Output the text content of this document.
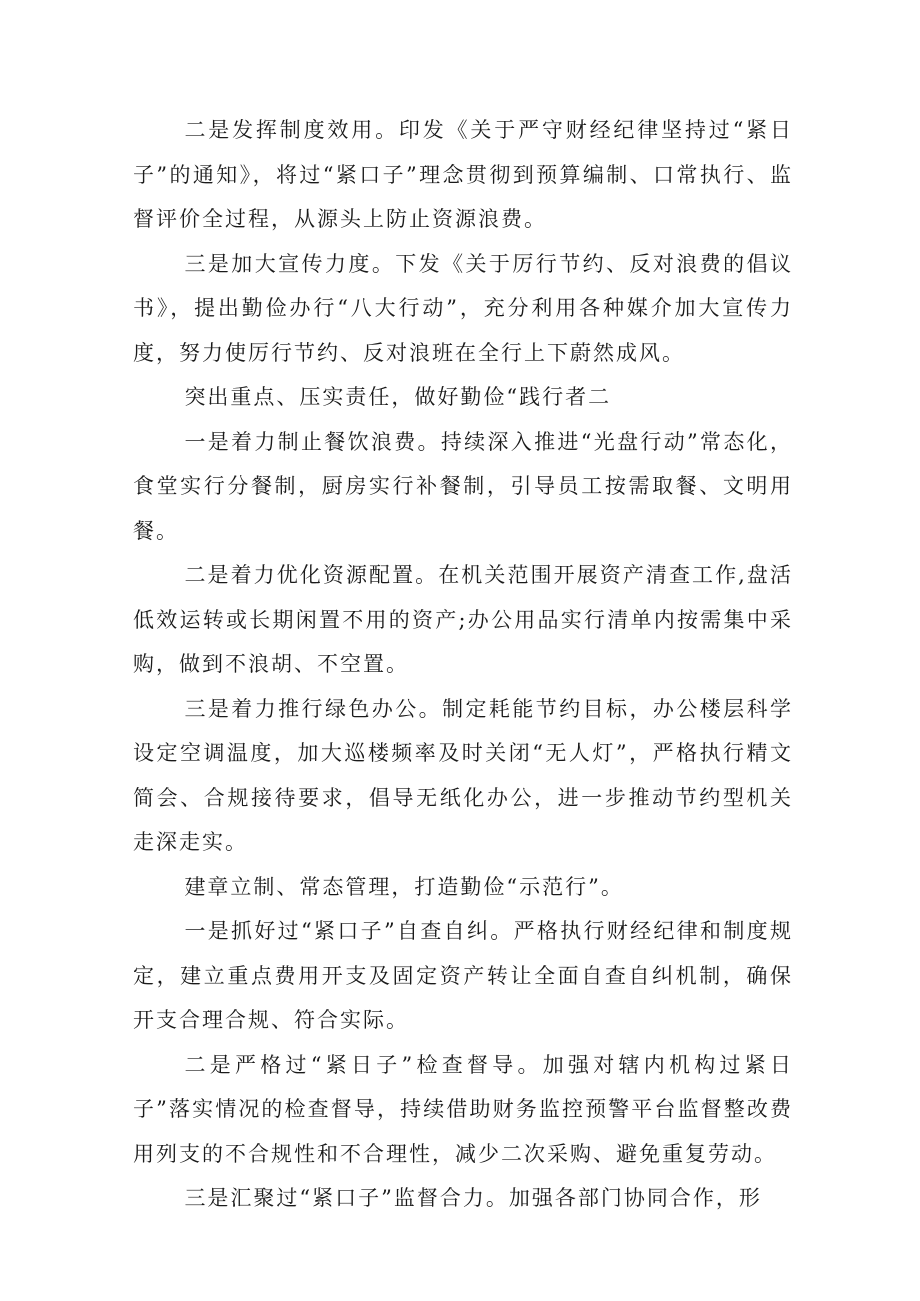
二是发挥制度效用。印发《关于严守财经纪律坚持过“紧日子”的通知》，将过“紧口子”理念贯彻到预算编制、口常执行、监督评价全过程，从源头上防止资源浪费。

三是加大宣传力度。下发《关于厉行节约、反对浪费的倡议书》，提出勤俭办行“八大行动”，充分利用各种媒介加大宣传力度，努力使厉行节约、反对浪班在全行上下蔚然成风。

突出重点、压实责任，做好勤俭“践行者二

一是着力制止餐饮浪费。持续深入推进“光盘行动”常态化，食堂实行分餐制，厨房实行补餐制，引导员工按需取餐、文明用餐。

二是着力优化资源配置。在机关范围开展资产清查工作,盘活低效运转或长期闲置不用的资产;办公用品实行清单内按需集中采购，做到不浪胡、不空置。

三是着力推行绿色办公。制定耗能节约目标，办公楼层科学设定空调温度，加大巡楼频率及时关闭“无人灯”，严格执行精文简会、合规接待要求，倡导无纸化办公，进一步推动节约型机关走深走实。

建章立制、常态管理，打造勤俭“示范行”。

一是抓好过“紧口子”自查自纠。严格执行财经纪律和制度规定，建立重点费用开支及固定资产转让全面自查自纠机制，确保开支合理合规、符合实际。

二是严格过“紧日子”检查督导。加强对辖内机构过紧日子”落实情况的检查督导，持续借助财务监控预警平台监督整改费用列支的不合规性和不合理性，减少二次采购、避免重复劳动。

三是汇聚过“紧口子”监督合力。加强各部门协同合作，形
